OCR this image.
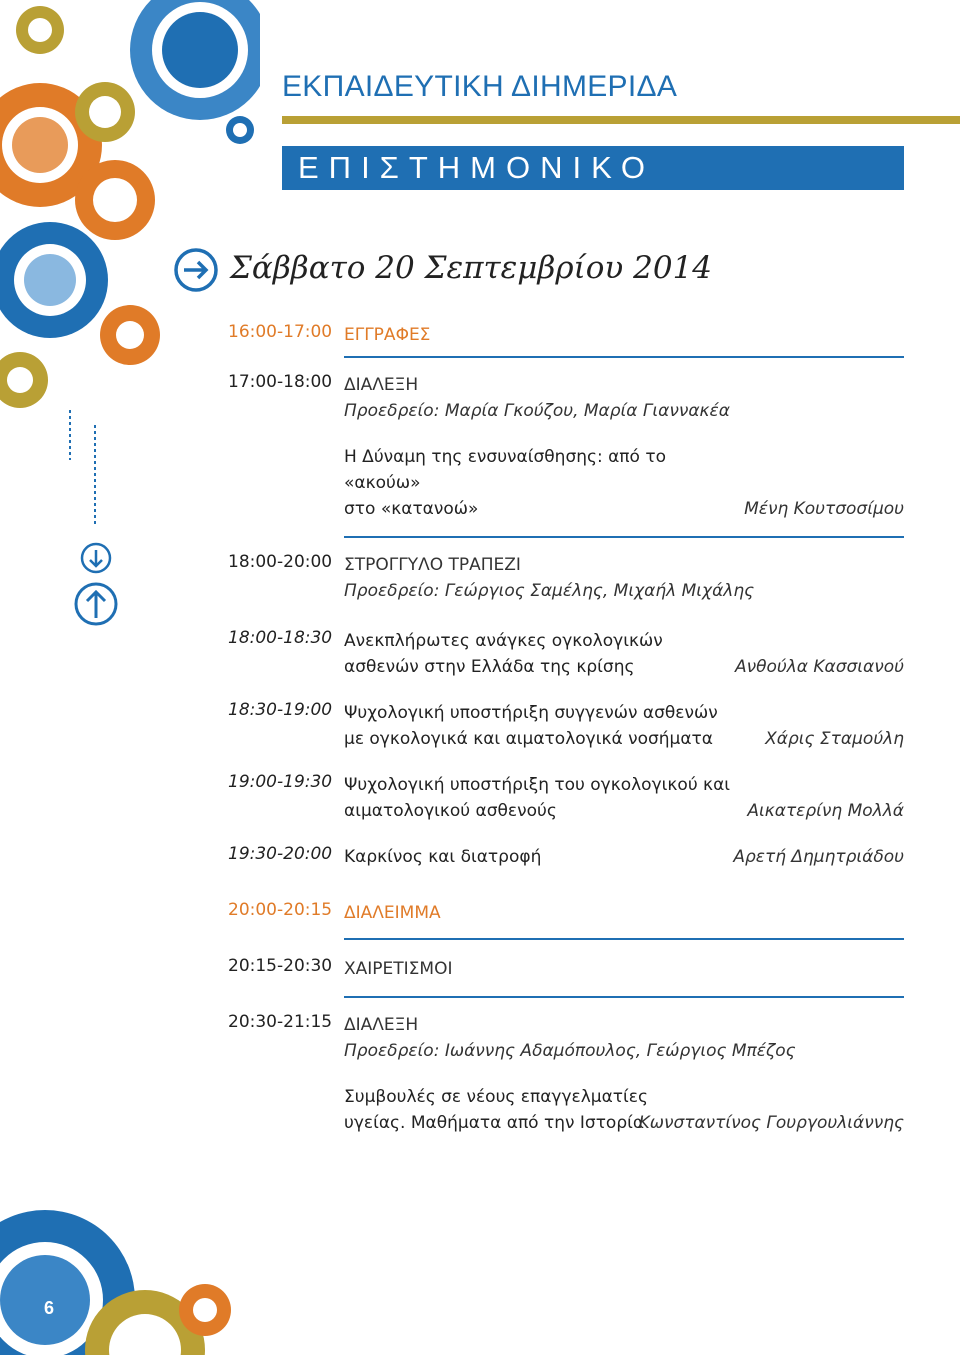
6
ΕΚΠΑΙΔΕΥΤΙΚΗ ΔΙΗΜΕΡΙΔΑ
ΕΠΙΣΤΗΜΟΝΙΚΟ ΠΡΟΓΡΑΜΜΑ
Σάββατο 20 Σεπτεμβρίου 2014
16:00-17:00 ΕΓΓΡΑΦΕΣ
17:00-18:00 ΔΙΑΛΕΞΗ
Προεδρείο: Μαρία Γκούζου, Μαρία Γιαννακέα
Η Δύναμη της ενσυναίσθησης: από το «ακούω»
στο «κατανοώ»	Μένη Κουτσοσίμου
18:00-20:00 ΣΤΡΟΓΓΥΛΟ ΤΡΑΠΕΖΙ
Προεδρείο: Γεώργιος Σαμέλης, Μιχαήλ Μιχάλης
18:00-18:30 Ανεκπλήρωτες ανάγκες ογκολογικών
ασθενών στην Ελλάδα της κρίσης	Ανθούλα Κασσιανού
18:30-19:00 Ψυχολογική υποστήριξη συγγενών ασθενών
με ογκολογικά και αιματολογικά νοσήματα	Χάρις Σταμούλη
19:00-19:30 Ψυχολογική υποστήριξη του ογκολογικού και
αιματολογικού ασθενούς	Αικατερίνη Μολλά
19:30-20:00 Καρκίνος και διατροφή	Αρετή Δημητριάδου
20:00-20:15 ΔΙΑΛΕΙΜΜΑ
20:15-20:30 ΧΑΙΡΕΤΙΣΜΟΙ
20:30-21:15 ΔΙΑΛΕΞΗ
Προεδρείο: Ιωάννης Αδαμόπουλος, Γεώργιος Μπέζος
Συμβουλές σε νέους επαγγελματίες
υγείας. Μαθήματα από την Ιστορία
Κωνσταντίνος Γουργουλιάννης
